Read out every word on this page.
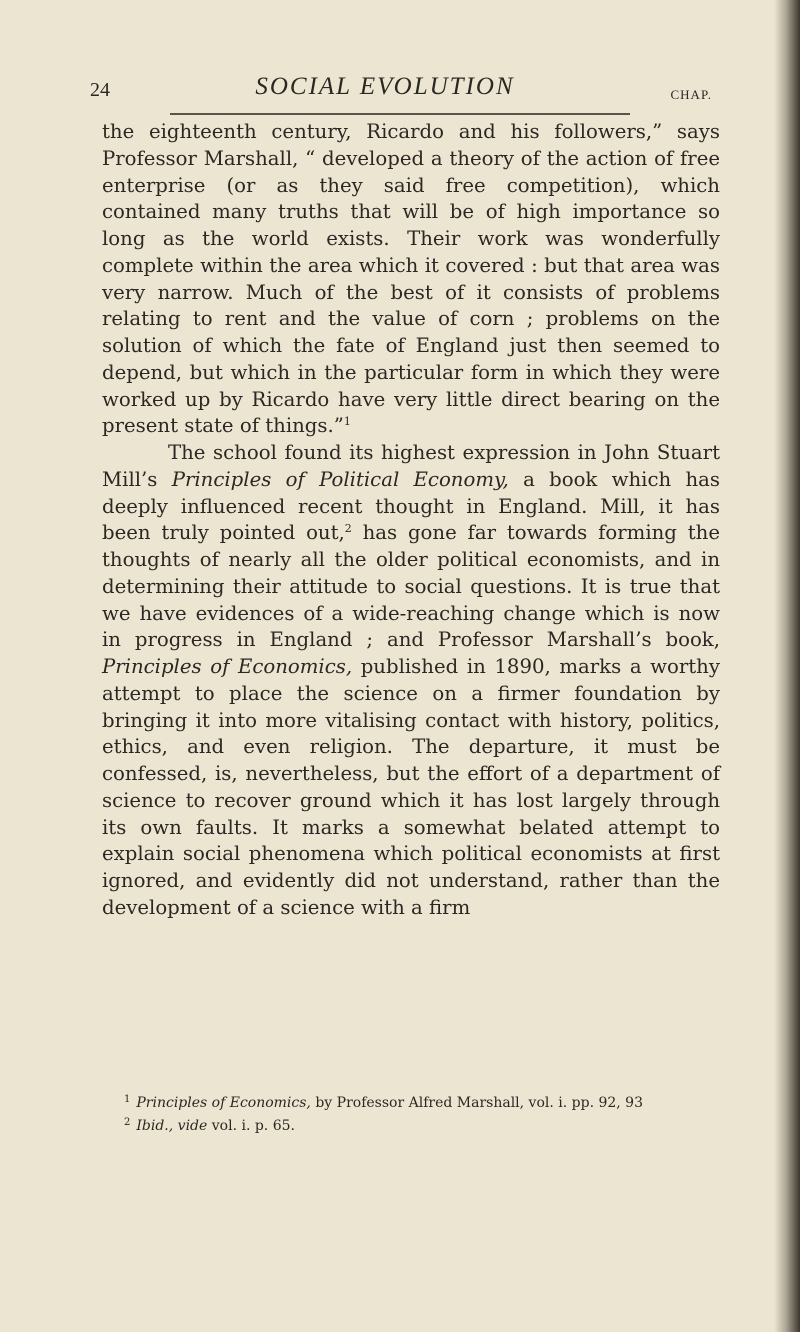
24	SOCIAL EVOLUTION	CHAP.

the eighteenth century, Ricardo and his followers,” says Professor Marshall, “ developed a theory of the action of free enterprise (or as they said free competition), which contained many truths that will be of high importance so long as the world exists. Their work was wonderfully complete within the area which it covered : but that area was very narrow. Much of the best of it consists of problems relating to rent and the value of corn ; problems on the solution of which the fate of England just then seemed to depend, but which in the particular form in which they were worked up by Ricardo have very little direct bearing on the present state of things.”$^1$

The school found its highest expression in John Stuart Mill’s Principles of Political Economy, a book which has deeply influenced recent thought in England. Mill, it has been truly pointed out,$^2$ has gone far towards forming the thoughts of nearly all the older political economists, and in determining their attitude to social questions. It is true that we have evidences of a wide-reaching change which is now in progress in England ; and Professor Marshall’s book, Principles of Economics, published in 1890, marks a worthy attempt to place the science on a firmer foundation by bringing it into more vitalising contact with history, politics, ethics, and even religion. The departure, it must be confessed, is, nevertheless, but the effort of a department of science to recover ground which it has lost largely through its own faults. It marks a somewhat belated attempt to explain social phenomena which political economists at first ignored, and evidently did not understand, rather than the development of a science with a firm

$^1$ Principles of Economics, by Professor Alfred Marshall, vol. i. pp. 92, 93

$^2$ Ibid., vide vol. i. p. 65.
